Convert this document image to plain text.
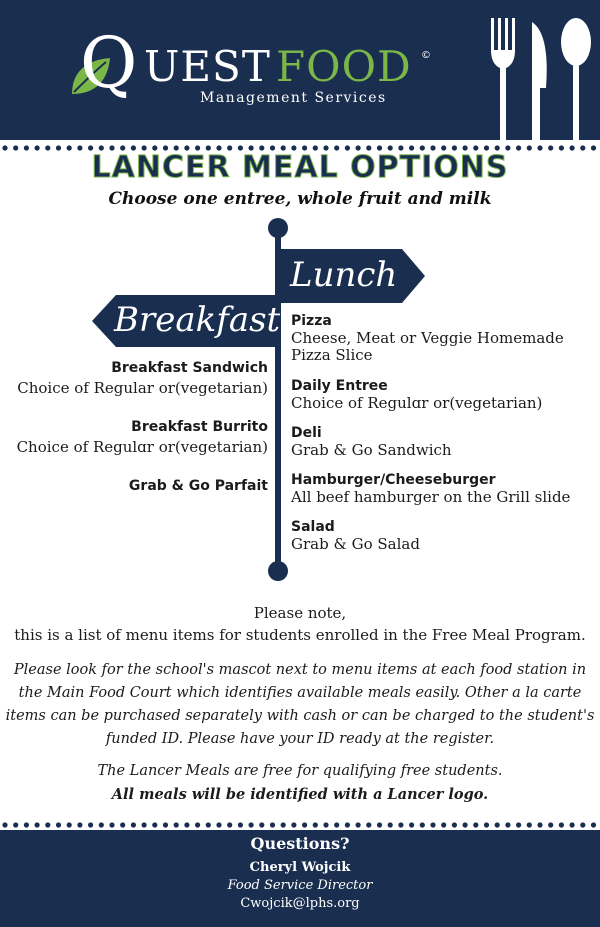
Q UEST FOOD ©
Management Services
LANCER MEAL OPTIONS
Choose one entree, whole fruit and milk
Lunch
Breakfast
Breakfast Sandwich
Choice of Regular or(vegetarian)
Breakfast Burrito
Choice of Regulɑr or(vegetarian)
Grab & Go Parfait
Pizza
Cheese, Meat or Veggie Homemade
Pizza Slice
Daily Entree
Choice of Regulɑr or(vegetarian)
Deli
Grab & Go Sandwich
Hamburger/Cheeseburger
All beef hamburger on the Grill slide
Salad
Grab & Go Salad
Please note,
this is a list of menu items for students enrolled in the Free Meal Program.
Please look for the school's mascot next to menu items at each food station in
the Main Food Court which identifies available meals easily. Other a la carte
items can be purchased separately with cash or can be charged to the student's
funded ID. Please have your ID ready at the register.
The Lancer Meals are free for qualifying free students.
All meals will be identified with a Lancer logo.
Questions?
Cheryl Wojcik
Food Service Director
Cwojcik@lphs.org
